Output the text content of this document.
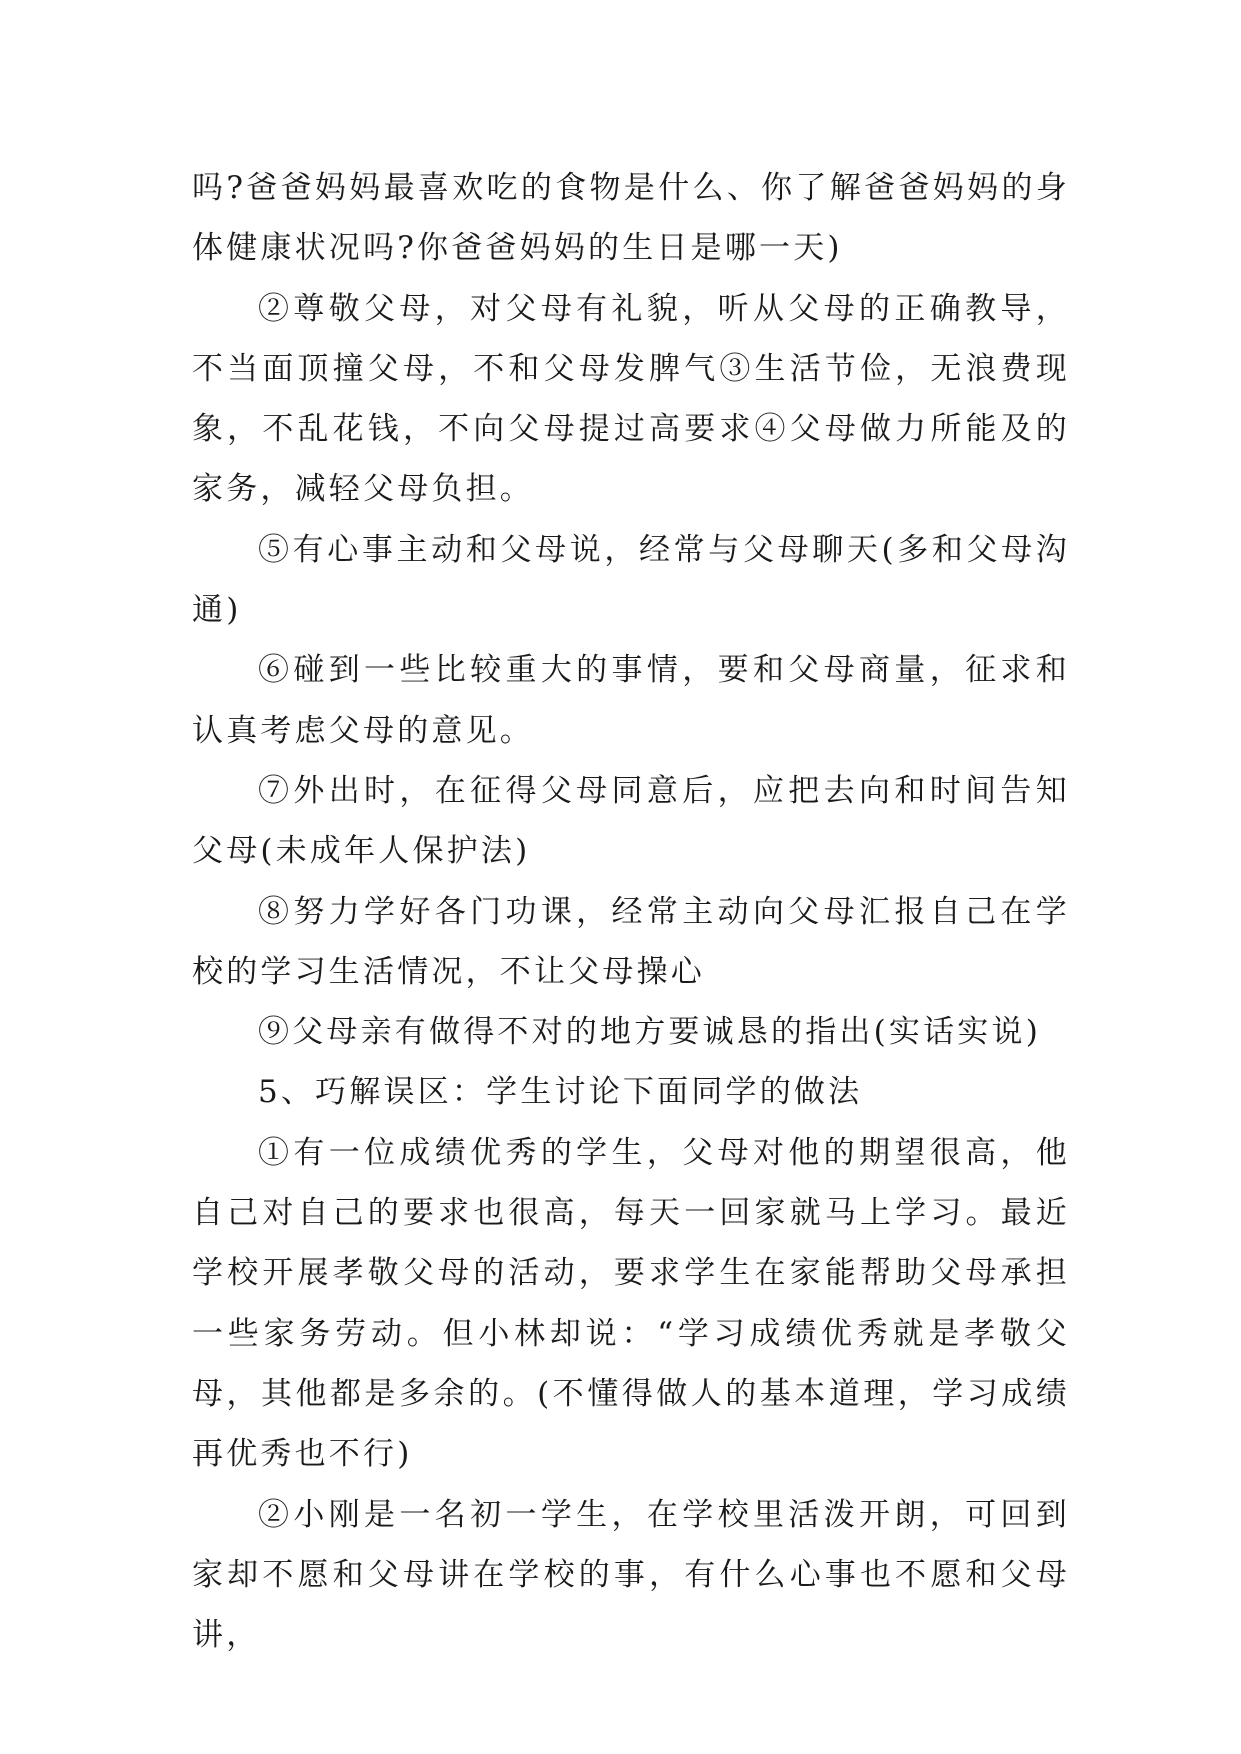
吗?爸爸妈妈最喜欢吃的食物是什么、你了解爸爸妈妈的身体健康状况吗?你爸爸妈妈的生日是哪一天)

②尊敬父母，对父母有礼貌，听从父母的正确教导，不当面顶撞父母，不和父母发脾气③生活节俭，无浪费现象，不乱花钱，不向父母提过高要求④父母做力所能及的家务，减轻父母负担。

⑤有心事主动和父母说，经常与父母聊天(多和父母沟通)

⑥碰到一些比较重大的事情，要和父母商量，征求和认真考虑父母的意见。

⑦外出时，在征得父母同意后，应把去向和时间告知父母(未成年人保护法)

⑧努力学好各门功课，经常主动向父母汇报自己在学校的学习生活情况，不让父母操心

⑨父母亲有做得不对的地方要诚恳的指出(实话实说)

5、巧解误区：学生讨论下面同学的做法

①有一位成绩优秀的学生，父母对他的期望很高，他自己对自己的要求也很高，每天一回家就马上学习。最近学校开展孝敬父母的活动，要求学生在家能帮助父母承担一些家务劳动。但小林却说：“学习成绩优秀就是孝敬父母，其他都是多余的。(不懂得做人的基本道理，学习成绩再优秀也不行)

②小刚是一名初一学生，在学校里活泼开朗，可回到家却不愿和父母讲在学校的事，有什么心事也不愿和父母讲，
